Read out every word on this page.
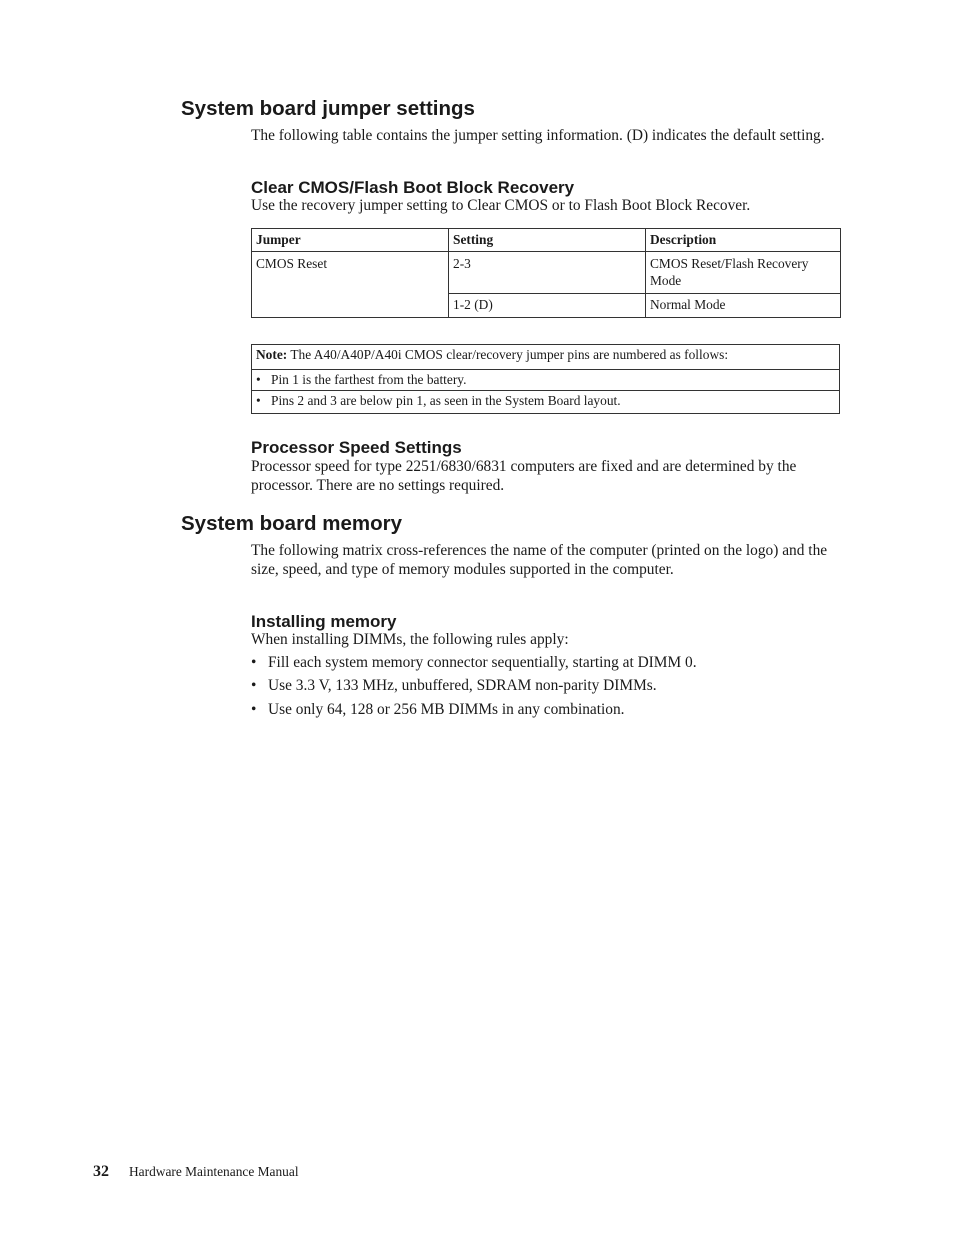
System board jumper settings

The following table contains the jumper setting information. (D) indicates the default setting.

Clear CMOS/Flash Boot Block Recovery

Use the recovery jumper setting to Clear CMOS or to Flash Boot Block Recover.

Jumper	Setting	Description
CMOS Reset	2-3	CMOS Reset/Flash Recovery Mode
	1-2 (D)	Normal Mode
Note: The A40/A40P/A40i CMOS clear/recovery jumper pins are numbered as follows:
• Pin 1 is the farthest from the battery.
• Pins 2 and 3 are below pin 1, as seen in the System Board layout.
Processor Speed Settings

Processor speed for type 2251/6830/6831 computers are fixed and are determined by the processor. There are no settings required.

System board memory

The following matrix cross-references the name of the computer (printed on the logo) and the size, speed, and type of memory modules supported in the computer.

Installing memory

When installing DIMMs, the following rules apply:

• Fill each system memory connector sequentially, starting at DIMM 0.
• Use 3.3 V, 133 MHz, unbuffered, SDRAM non-parity DIMMs.
• Use only 64, 128 or 256 MB DIMMs in any combination.
32 Hardware Maintenance Manual
